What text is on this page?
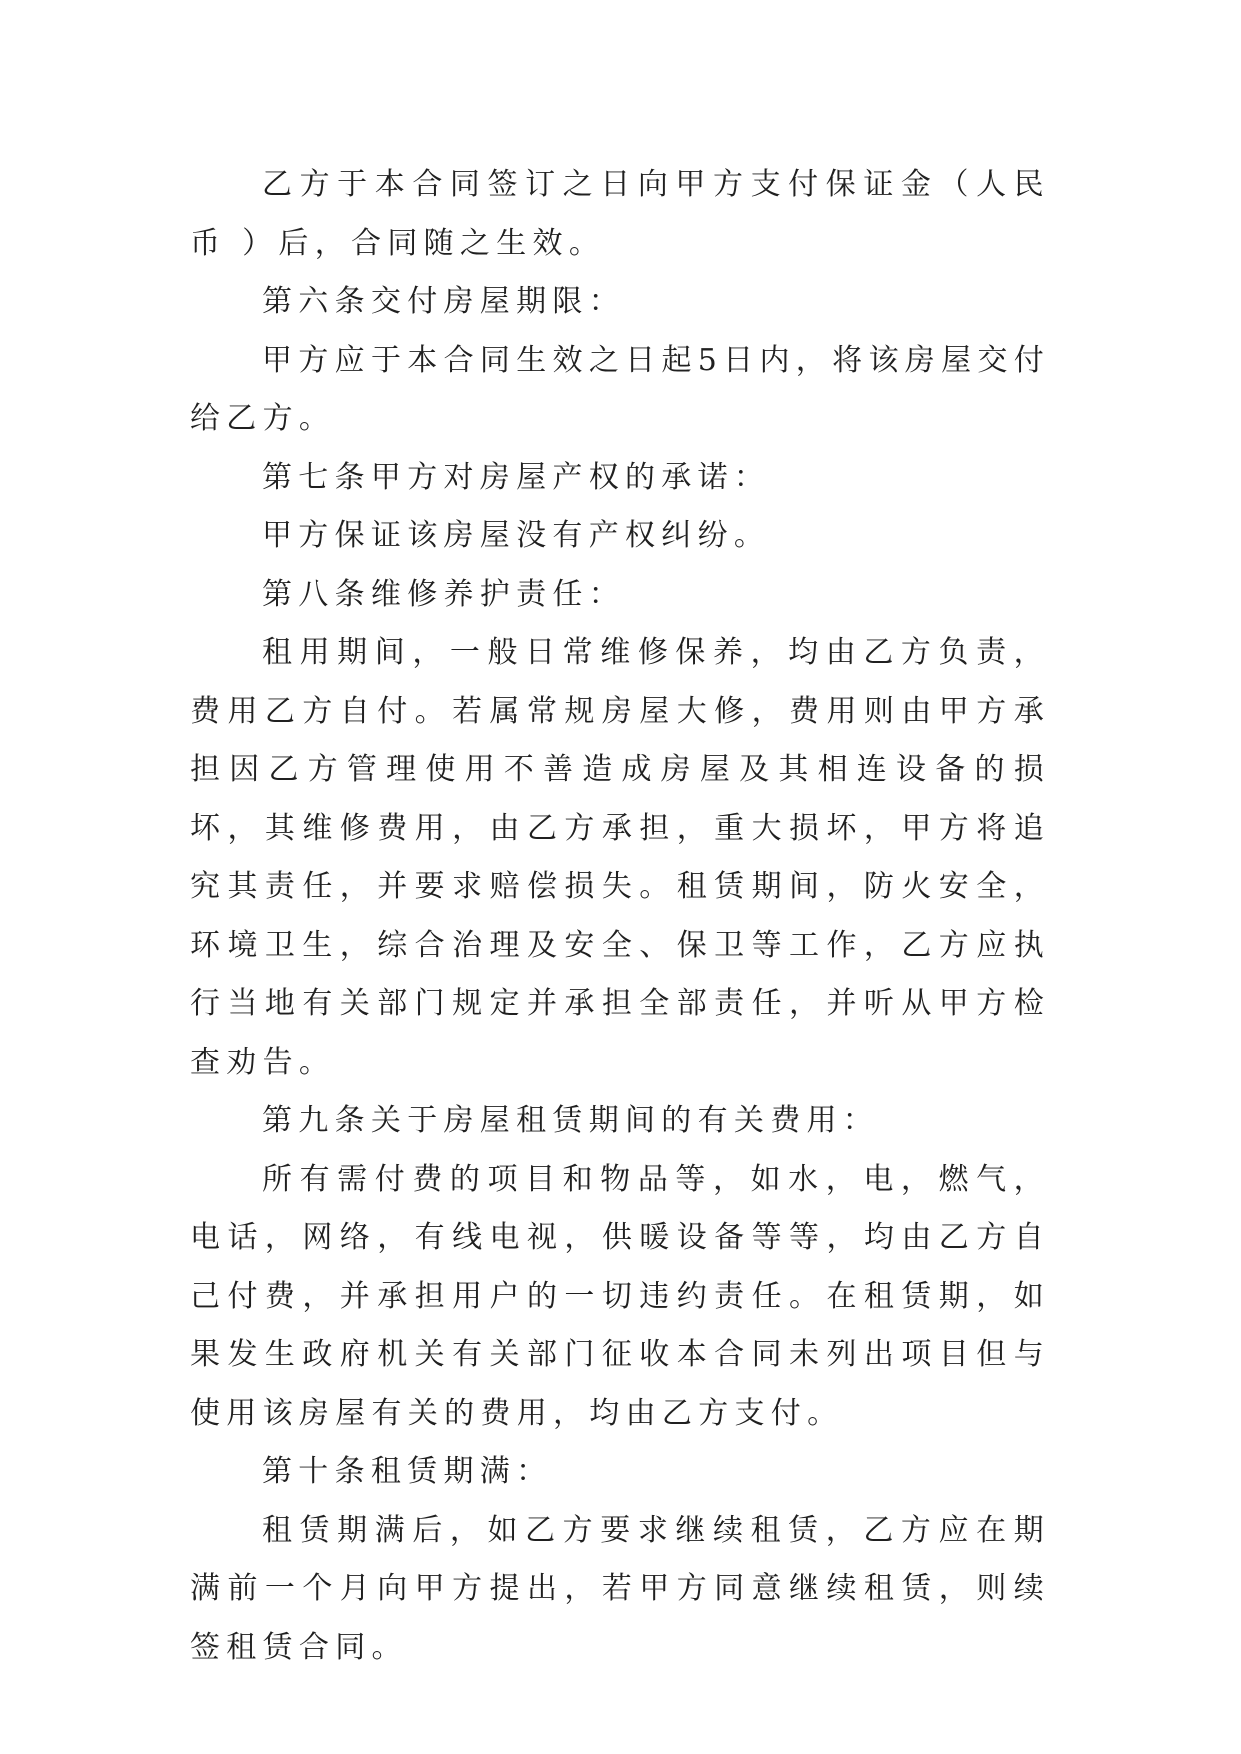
乙方于本合同签订之日向甲方支付保证金（人民币 ）后，合同随之生效。

第六条交付房屋期限：

甲方应于本合同生效之日起5日内，将该房屋交付给乙方。

第七条甲方对房屋产权的承诺：

甲方保证该房屋没有产权纠纷。

第八条维修养护责任：

租用期间，一般日常维修保养，均由乙方负责，费用乙方自付。若属常规房屋大修，费用则由甲方承担因乙方管理使用不善造成房屋及其相连设备的损坏，其维修费用，由乙方承担，重大损坏，甲方将追究其责任，并要求赔偿损失。租赁期间，防火安全，环境卫生，综合治理及安全、保卫等工作，乙方应执行当地有关部门规定并承担全部责任，并听从甲方检查劝告。

第九条关于房屋租赁期间的有关费用：

所有需付费的项目和物品等，如水，电，燃气，电话，网络，有线电视，供暖设备等等，均由乙方自己付费，并承担用户的一切违约责任。在租赁期，如果发生政府机关有关部门征收本合同未列出项目但与使用该房屋有关的费用，均由乙方支付。

第十条租赁期满：

租赁期满后，如乙方要求继续租赁，乙方应在期满前一个月向甲方提出，若甲方同意继续租赁，则续签租赁合同。
